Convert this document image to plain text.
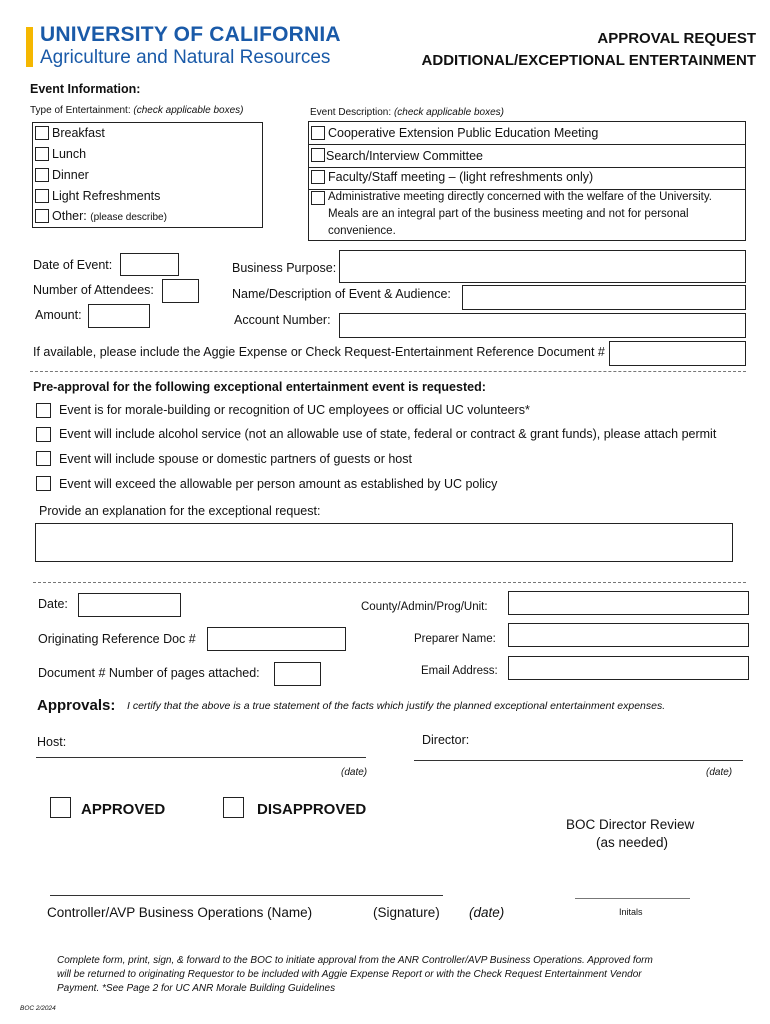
UNIVERSITY OF CALIFORNIA
Agriculture and Natural Resources
APPROVAL REQUEST
ADDITIONAL/EXCEPTIONAL ENTERTAINMENT
Event Information:
Type of Entertainment: (check applicable boxes)	Event Description: (check applicable boxes)
Breakfast
Lunch
Dinner
Light Refreshments
Other: (please describe)
Cooperative Extension Public Education Meeting
Search/Interview Committee
Faculty/Staff meeting – (light refreshments only)
Administrative meeting directly concerned with the welfare of the University.
Meals are an integral part of the business meeting and not for personal
convenience.
Date of Event:
Number of Attendees:
Amount:
Business Purpose:
Name/Description of Event & Audience:
Account Number:
If available, please include the Aggie Expense or Check Request-Entertainment Reference Document #
Pre-approval for the following exceptional entertainment event is requested:
Event is for morale-building or recognition of UC employees or official UC volunteers*
Event will include alcohol service (not an allowable use of state, federal or contract & grant funds), please attach permit
Event will include spouse or domestic partners of guests or host
Event will exceed the allowable per person amount as established by UC policy
Provide an explanation for the exceptional request:
Date:
Originating Reference Doc #
Document # Number of pages attached:
County/Admin/Prog/Unit:
Preparer Name:
Email Address:
Approvals: I certify that the above is a true statement of the facts which justify the planned exceptional entertainment expenses.
Host:
(date)
Director:
(date)
APPROVED	DISAPPROVED
BOC Director Review
(as needed)
Controller/AVP Business Operations (Name)	(Signature) (date)	Initals
Complete form, print, sign, & forward to the BOC to initiate approval from the ANR Controller/AVP Business Operations. Approved form
will be returned to originating Requestor to be included with Aggie Expense Report or with the Check Request Entertainment Vendor
Payment. *See Page 2 for UC ANR Morale Building Guidelines
BOC 2/2024
